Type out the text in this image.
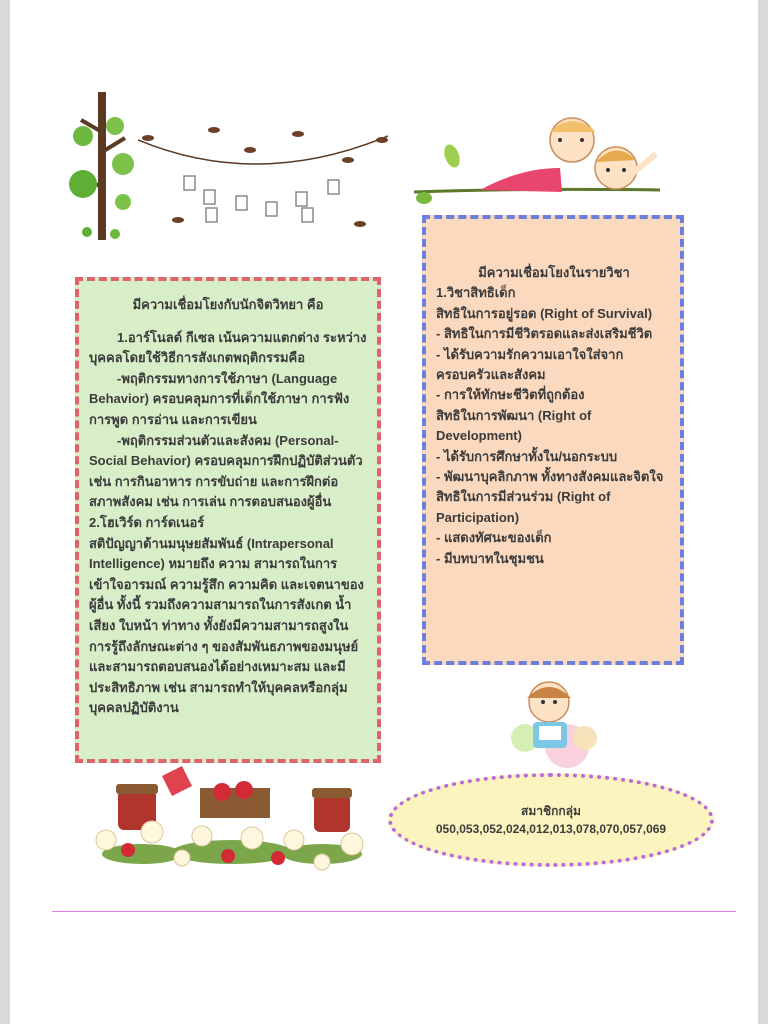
มีความเชื่อมโยงกับนักจิตวิทยา คือ

1.อาร์โนลด์ กีเซล เน้นความแตกต่าง ระหว่างบุคคลโดยใช้วิธีการสังเกตพฤติกรรมคือ

-พฤติกรรมทางการใช้ภาษา (Language Behavior) ครอบคลุมการที่เด็กใช้ภาษา การฟัง การพูด การอ่าน และการเขียน

-พฤติกรรมส่วนตัวและสังคม (Personal-Social Behavior) ครอบคลุมการฝึกปฏิบัติส่วนตัว เช่น การกินอาหาร การขับถ่าย และการฝึกต่อสภาพสังคม เช่น การเล่น การตอบสนองผู้อื่น

2.โฮเวิร์ด การ์ดเนอร์

สติปัญญาด้านมนุษยสัมพันธ์ (Intrapersonal Intelligence) หมายถึง ความ สามารถในการเข้าใจอารมณ์ ความรู้สึก ความคิด และเจตนาของผู้อื่น ทั้งนี้ รวมถึงความสามารถในการสังเกต น้ำเสียง ใบหน้า ท่าทาง ทั้งยังมีความสามารถสูงในการรู้ถึงลักษณะต่าง ๆ ของสัมพันธภาพของมนุษย์และสามารถตอบสนองได้อย่างเหมาะสม และมีประสิทธิภาพ เช่น สามารถทำให้บุคคลหรือกลุ่มบุคคลปฏิบัติงาน

มีความเชื่อมโยงในรายวิชา

1.วิชาสิทธิเด็ก

สิทธิในการอยู่รอด (Right of Survival)

- สิทธิในการมีชีวิตรอดและส่งเสริมชีวิต

- ได้รับความรักความเอาใจใส่จากครอบครัวและสังคม

- การให้ทักษะชีวิตที่ถูกต้อง

สิทธิในการพัฒนา (Right of Development)

- ได้รับการศึกษาทั้งใน/นอกระบบ

- พัฒนาบุคลิกภาพ ทั้งทางสังคมและจิตใจ

สิทธิในการมีส่วนร่วม (Right of Participation)

- แสดงทัศนะของเด็ก

- มีบทบาทในชุมชน

สมาชิกกลุ่ม
050,053,052,024,012,013,078,070,057,069
